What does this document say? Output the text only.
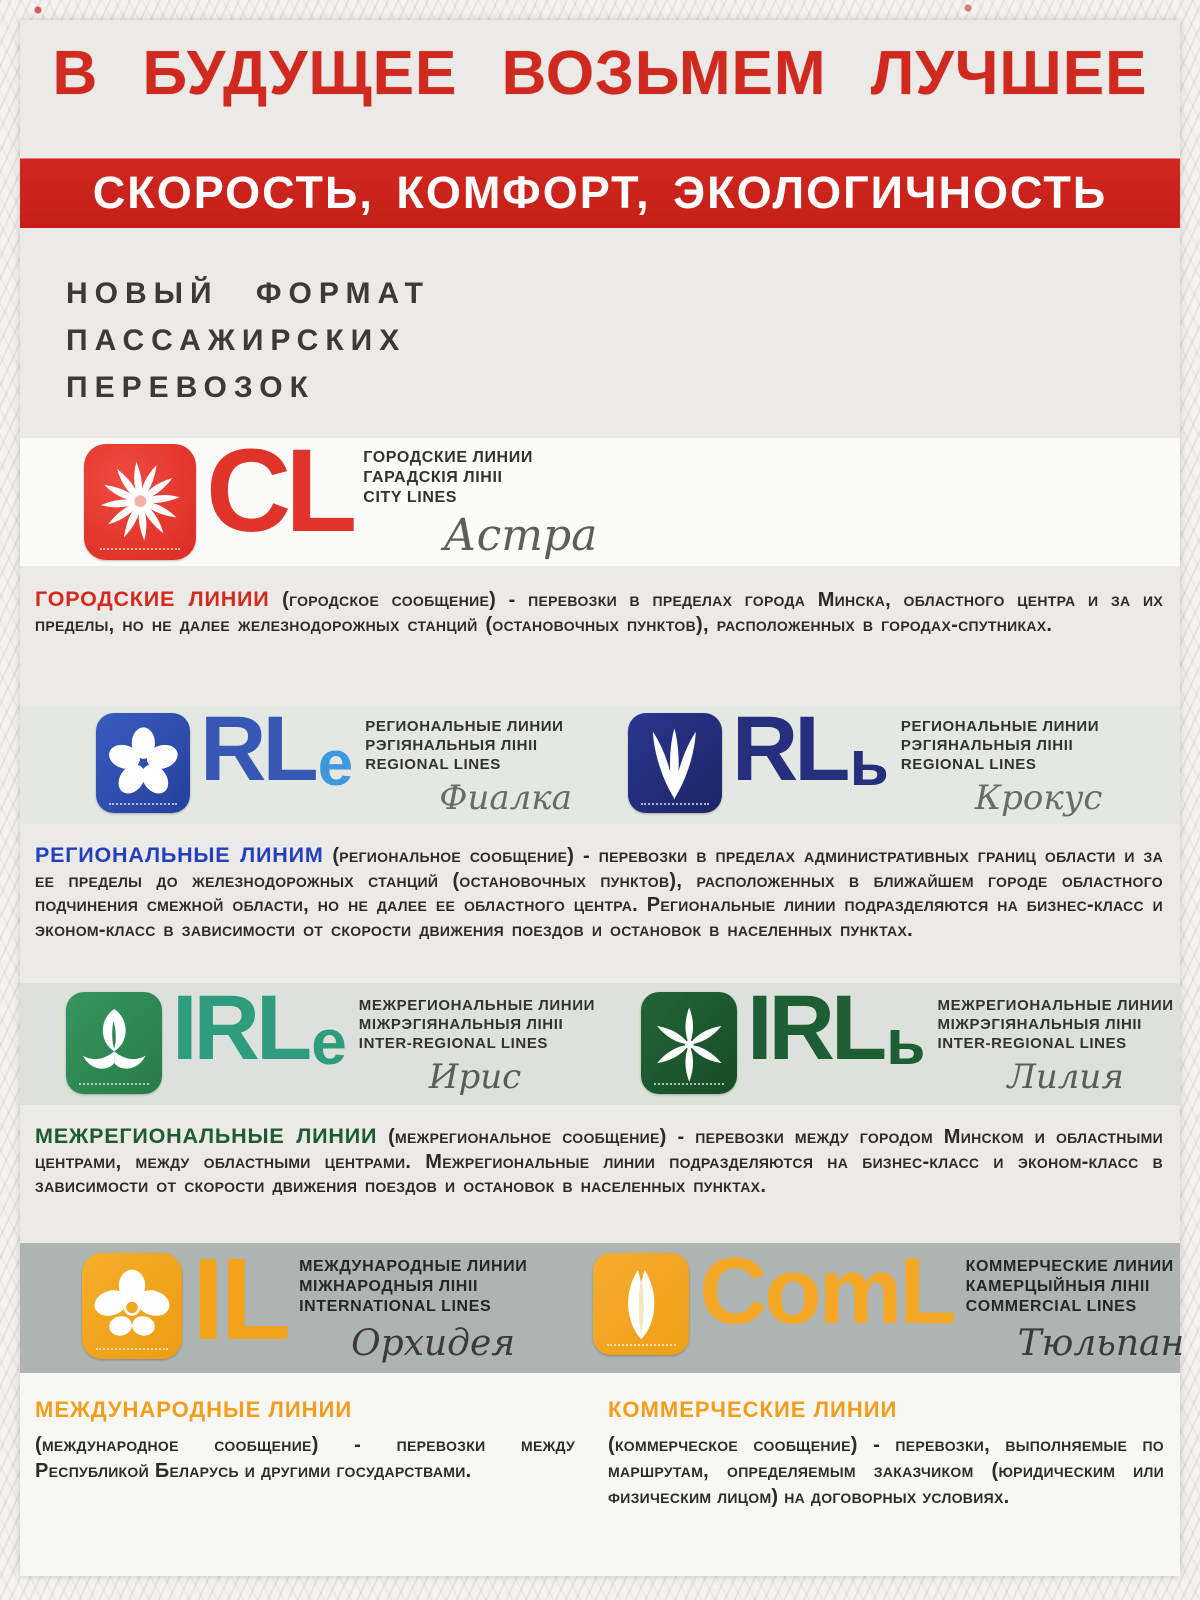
В БУДУЩЕЕ ВОЗЬМЕМ ЛУЧШЕЕ
СКОРОСТЬ, КОМФОРТ, ЭКОЛОГИЧНОСТЬ
НОВЫЙ ФОРМАТ
ПАССАЖИРСКИХ
ПЕРЕВОЗОК
CL ГОРОДСКИЕ ЛИНИИ
ГАРАДСКІЯ ЛІНІІ
CITY LINES
Астра

ГОРОДСКИЕ ЛИНИИ (городское сообщение) - перевозки в пределах города Минска, областного центра и за их пределы, но не далее железнодорожных станций (остановочных пунктов), расположенных в городах-спутниках.

RL e
РЕГИОНАЛЬНЫЕ ЛИНИИ
РЭГІЯНАЛЬНЫЯ ЛІНІІ
REGIONAL LINES
Фиалка RL ь
РЕГИОНАЛЬНЫЕ ЛИНИИ
РЭГІЯНАЛЬНЫЯ ЛІНІІ
REGIONAL LINES
Крокус

РЕГИОНАЛЬНЫЕ ЛИНИМ (региональное сообщение) - перевозки в пределах административных границ области и за ее пределы до железнодорожных станций (остановочных пунктов), расположенных в ближайшем городе областного подчинения смежной области, но не далее ее областного центра. Региональные линии подразделяются на бизнес-класс и эконом-класс в зависимости от скорости движения поездов и остановок в населенных пунктах.

IRL e
МЕЖРЕГИОНАЛЬНЫЕ ЛИНИИ
МІЖРЭГІЯНАЛЬНЫЯ ЛІНІІ
INTER-REGIONAL LINES
Ирис	IRL ь
МЕЖРЕГИОНАЛЬНЫЕ ЛИНИИ
МІЖРЭГІЯНАЛЬНЫЯ ЛІНІІ
INTER-REGIONAL LINES
Лилия

МЕЖРЕГИОНАЛЬНЫЕ ЛИНИИ (межрегиональное сообщение) - перевозки между городом Минском и областными центрами, между областными центрами. Межрегиональные линии подразделяются на бизнес-класс и эконом-класс в зависимости от скорости движения поездов и остановок в населенных пунктах.

IL МЕЖДУНАРОДНЫЕ ЛИНИИ
МІЖНАРОДНЫЯ ЛІНІІ
INTERNATIONAL LINES
Орхидея
ComL КОММЕРЧЕСКИЕ ЛИНИИ
КАМЕРЦЫЙНЫЯ ЛІНІІ
COMMERCIAL LINES
Тюльпан

МЕЖДУНАРОДНЫЕ ЛИНИИ
(международное сообщение) - перевозки между Республикой Беларусь и другими государствами.

КОММЕРЧЕСКИЕ ЛИНИИ
(коммерческое сообщение) - перевозки, выполняемые по маршрутам, определяемым заказчиком (юридическим или физическим лицом) на договорных условиях.
